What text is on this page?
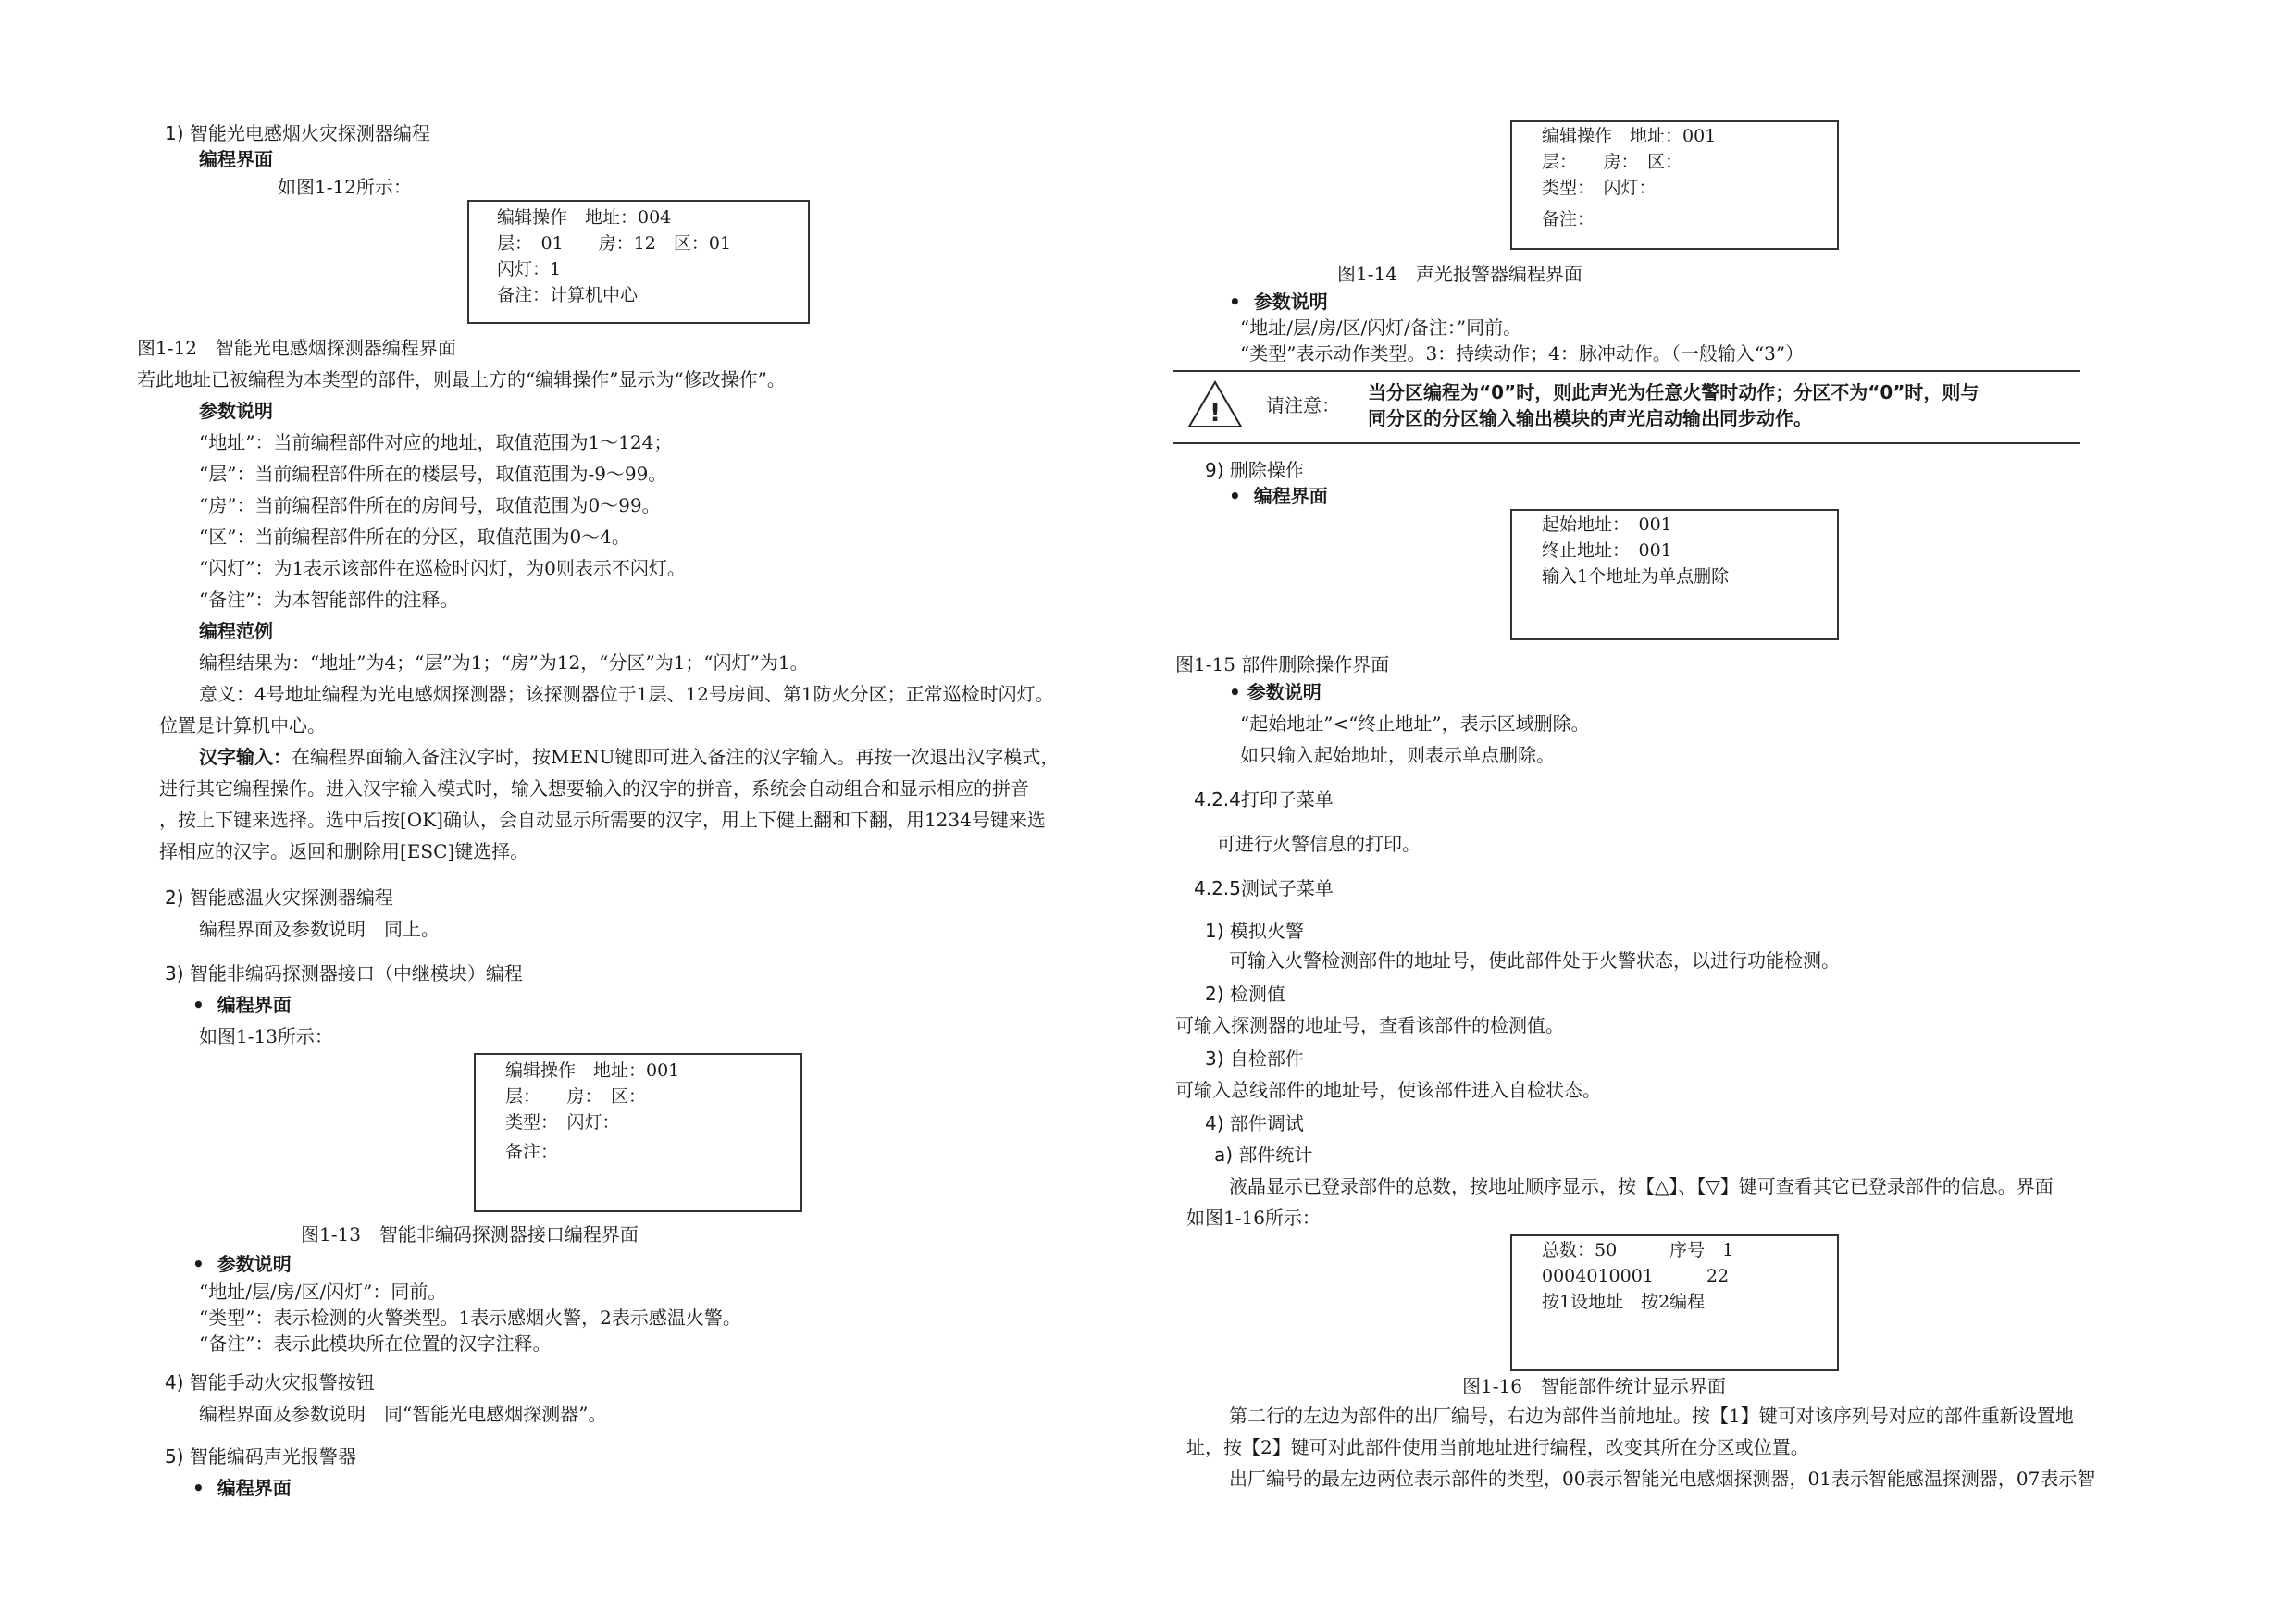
1) 智能光电感烟火灾探测器编程

编程界面

如图1-12所示：

编辑操作　地址：004
层：　01　　房：12　区：01
闪灯：1
备注：计算机中心

图1-12　智能光电感烟探测器编程界面

若此地址已被编程为本类型的部件，则最上方的“编辑操作”显示为“修改操作”。

参数说明

“地址”：当前编程部件对应的地址，取值范围为1～124；

“层”：当前编程部件所在的楼层号，取值范围为-9～99。

“房”：当前编程部件所在的房间号，取值范围为0～99。

“区”：当前编程部件所在的分区，取值范围为0～4。

“闪灯”：为1表示该部件在巡检时闪灯，为0则表示不闪灯。

“备注”：为本智能部件的注释。

编程范例

编程结果为：“地址”为4；“层”为1；“房”为12，“分区”为1；“闪灯”为1。

意义：4号地址编程为光电感烟探测器；该探测器位于1层、12号房间、第1防火分区；正常巡检时闪灯。

位置是计算机中心。

汉字输入：在编程界面输入备注汉字时，按MENU键即可进入备注的汉字输入。再按一次退出汉字模式，

进行其它编程操作。进入汉字输入模式时，输入想要输入的汉字的拼音，系统会自动组合和显示相应的拼音

，按上下键来选择。选中后按[OK]确认，会自动显示所需要的汉字，用上下健上翻和下翻，用1234号键来选

择相应的汉字。返回和删除用[ESC]键选择。

2) 智能感温火灾探测器编程

编程界面及参数说明　同上。

3) 智能非编码探测器接口（中继模块）编程

•  编程界面

如图1-13所示：

编辑操作　地址：001
层：　　房：　区：
类型：　闪灯：
备注：

图1-13　智能非编码探测器接口编程界面

•  参数说明

“地址/层/房/区/闪灯”：同前。

“类型”：表示检测的火警类型。1表示感烟火警，2表示感温火警。

“备注”：表示此模块所在位置的汉字注释。

4) 智能手动火灾报警按钮

编程界面及参数说明　同“智能光电感烟探测器”。

5) 智能编码声光报警器

•  编程界面

编辑操作　地址：001
层：　　房：　区：
类型：　闪灯：
备注：

图1-14　声光报警器编程界面

•  参数说明

“地址/层/房/区/闪灯/备注：”同前。

“类型”表示动作类型。3：持续动作；4：脉冲动作。（一般输入“3”）

! 请注意：

当分区编程为“0”时，则此声光为任意火警时动作；分区不为“0”时，则与

同分区的分区输入输出模块的声光启动输出同步动作。

9) 删除操作

•  编程界面

起始地址：　001
终止地址：　001
输入1个地址为单点删除

图1-15 部件删除操作界面

• 参数说明

“起始地址”<“终止地址”，表示区域删除。

如只输入起始地址，则表示单点删除。

4.2.4打印子菜单

可进行火警信息的打印。

4.2.5测试子菜单

1) 模拟火警

可输入火警检测部件的地址号，使此部件处于火警状态，以进行功能检测。

2) 检测值

可输入探测器的地址号，查看该部件的检测值。

3) 自检部件

可输入总线部件的地址号，使该部件进入自检状态。

4) 部件调试

a) 部件统计

液晶显示已登录部件的总数，按地址顺序显示，按【△】、【▽】键可查看其它已登录部件的信息。界面

如图1-16所示：

总数：50　　　序号　1
0004010001　　　22
按1设地址　按2编程

图1-16　智能部件统计显示界面

第二行的左边为部件的出厂编号，右边为部件当前地址。按【1】键可对该序列号对应的部件重新设置地

址，按【2】键可对此部件使用当前地址进行编程，改变其所在分区或位置。

出厂编号的最左边两位表示部件的类型，00表示智能光电感烟探测器，01表示智能感温探测器，07表示智
